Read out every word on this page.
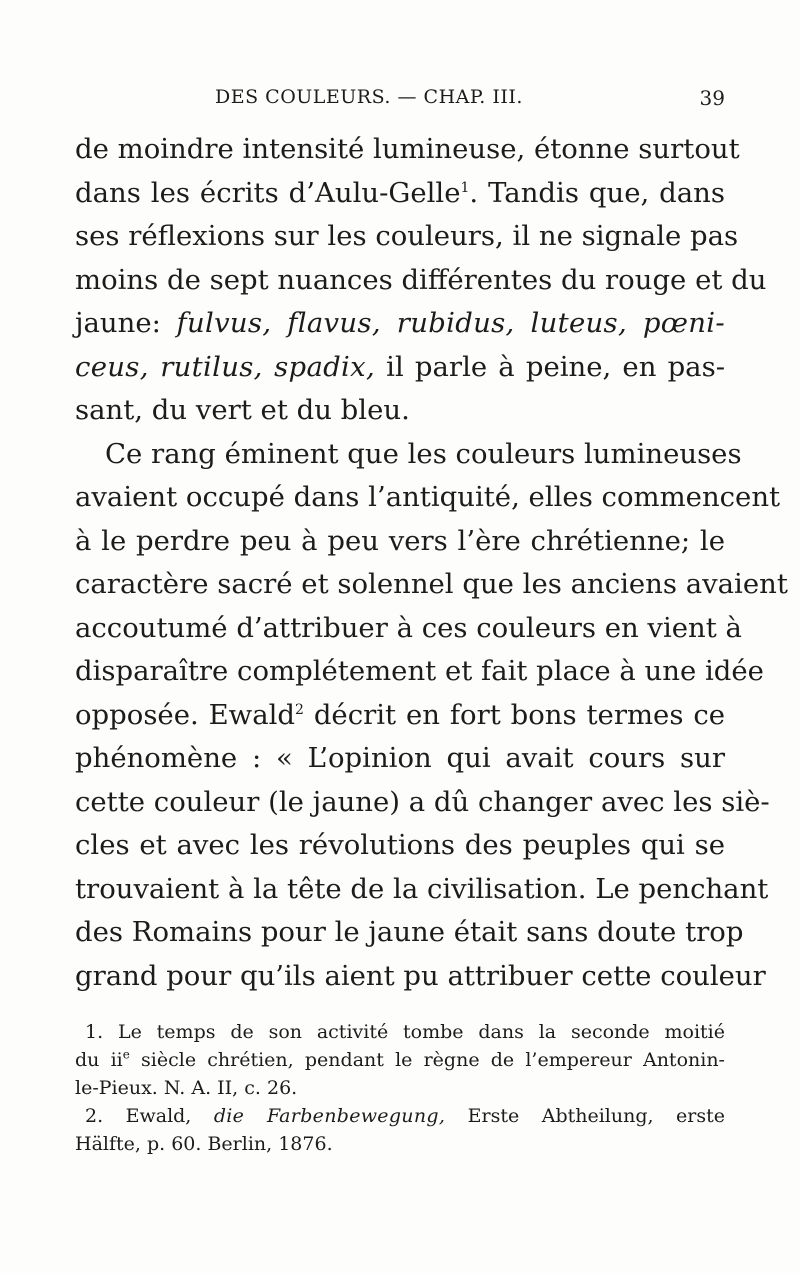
DES COULEURS. — CHAP. III.	39
de moindre intensité lumineuse, étonne surtout
dans les écrits d’Aulu-Gelle$^1$. Tandis que, dans
ses réflexions sur les couleurs, il ne signale pas
moins de sept nuances différentes du rouge et du
jaune: fulvus, flavus, rubidus, luteus, pœni-
ceus, rutilus, spadix, il parle à peine, en pas-
sant, du vert et du bleu.
Ce rang éminent que les couleurs lumineuses
avaient occupé dans l’antiquité, elles commencent
à le perdre peu à peu vers l’ère chrétienne; le
caractère sacré et solennel que les anciens avaient
accoutumé d’attribuer à ces couleurs en vient à
disparaître complétement et fait place à une idée
opposée. Ewald$^2$ décrit en fort bons termes ce
phénomène : « L’opinion qui avait cours sur
cette couleur (le jaune) a dû changer avec les siè-
cles et avec les révolutions des peuples qui se
trouvaient à la tête de la civilisation. Le penchant
des Romains pour le jaune était sans doute trop
grand pour qu’ils aient pu attribuer cette couleur
1. Le temps de son activité tombe dans la seconde moitié
du $ii^e$ siècle chrétien, pendant le règne de l’empereur Antonin-
le-Pieux. N. A. II, c. 26.
2. Ewald, die Farbenbewegung, Erste Abtheilung, erste
Hälfte, p. 60. Berlin, 1876.
